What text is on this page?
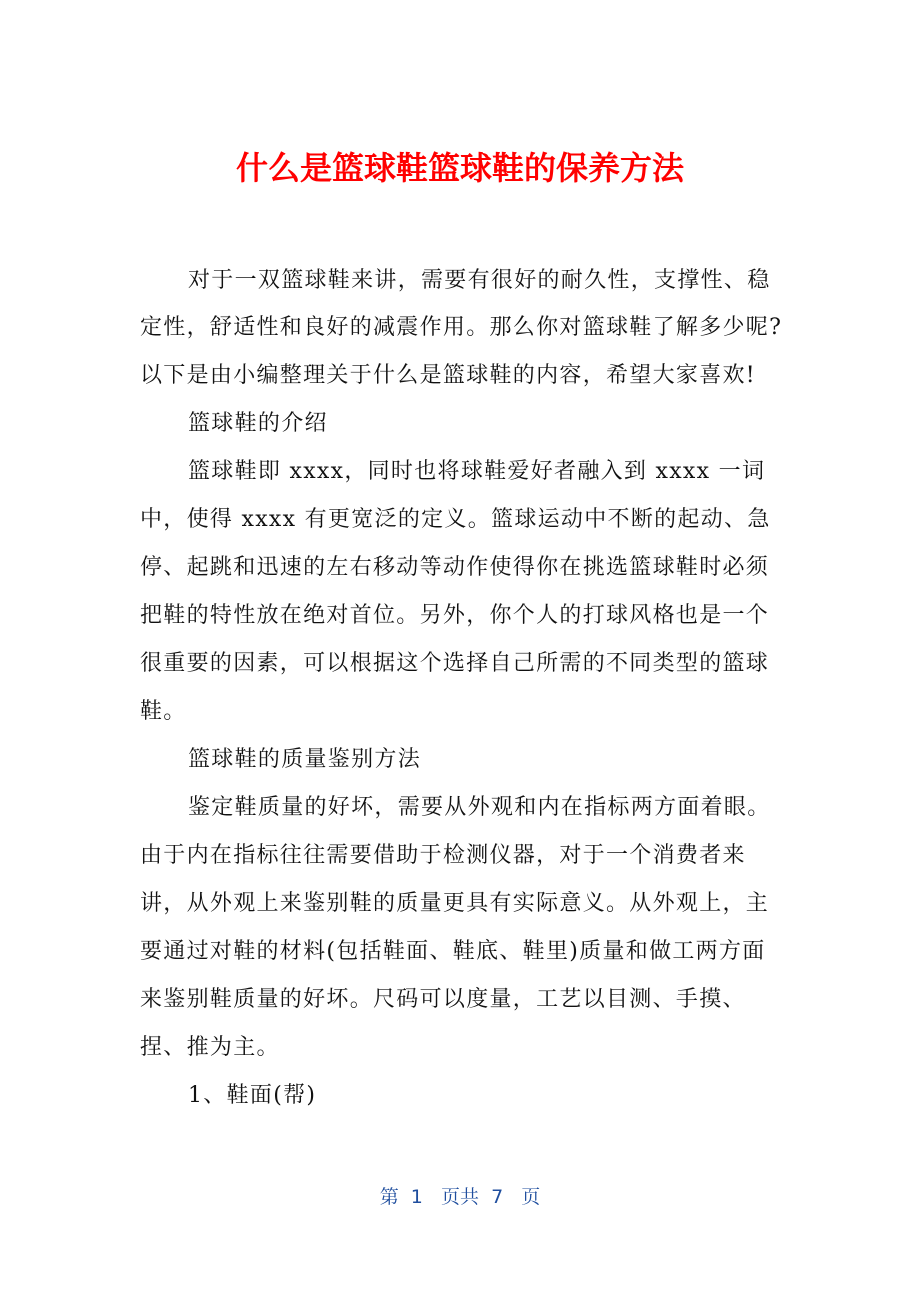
什么是篮球鞋篮球鞋的保养方法
对于一双篮球鞋来讲，需要有很好的耐久性，支撑性、稳
定性，舒适性和良好的减震作用。那么你对篮球鞋了解多少呢?
以下是由小编整理关于什么是篮球鞋的内容，希望大家喜欢!
篮球鞋的介绍
篮球鞋即 xxxx，同时也将球鞋爱好者融入到 xxxx 一词
中，使得 xxxx 有更宽泛的定义。篮球运动中不断的起动、急
停、起跳和迅速的左右移动等动作使得你在挑选篮球鞋时必须
把鞋的特性放在绝对首位。另外，你个人的打球风格也是一个
很重要的因素，可以根据这个选择自己所需的不同类型的篮球
鞋。
篮球鞋的质量鉴别方法
鉴定鞋质量的好坏，需要从外观和内在指标两方面着眼。
由于内在指标往往需要借助于检测仪器，对于一个消费者来
讲，从外观上来鉴别鞋的质量更具有实际意义。从外观上，主
要通过对鞋的材料(包括鞋面、鞋底、鞋里)质量和做工两方面
来鉴别鞋质量的好坏。尺码可以度量，工艺以目测、手摸、
捏、推为主。
1、鞋面(帮)
第  1   页共  7   页
